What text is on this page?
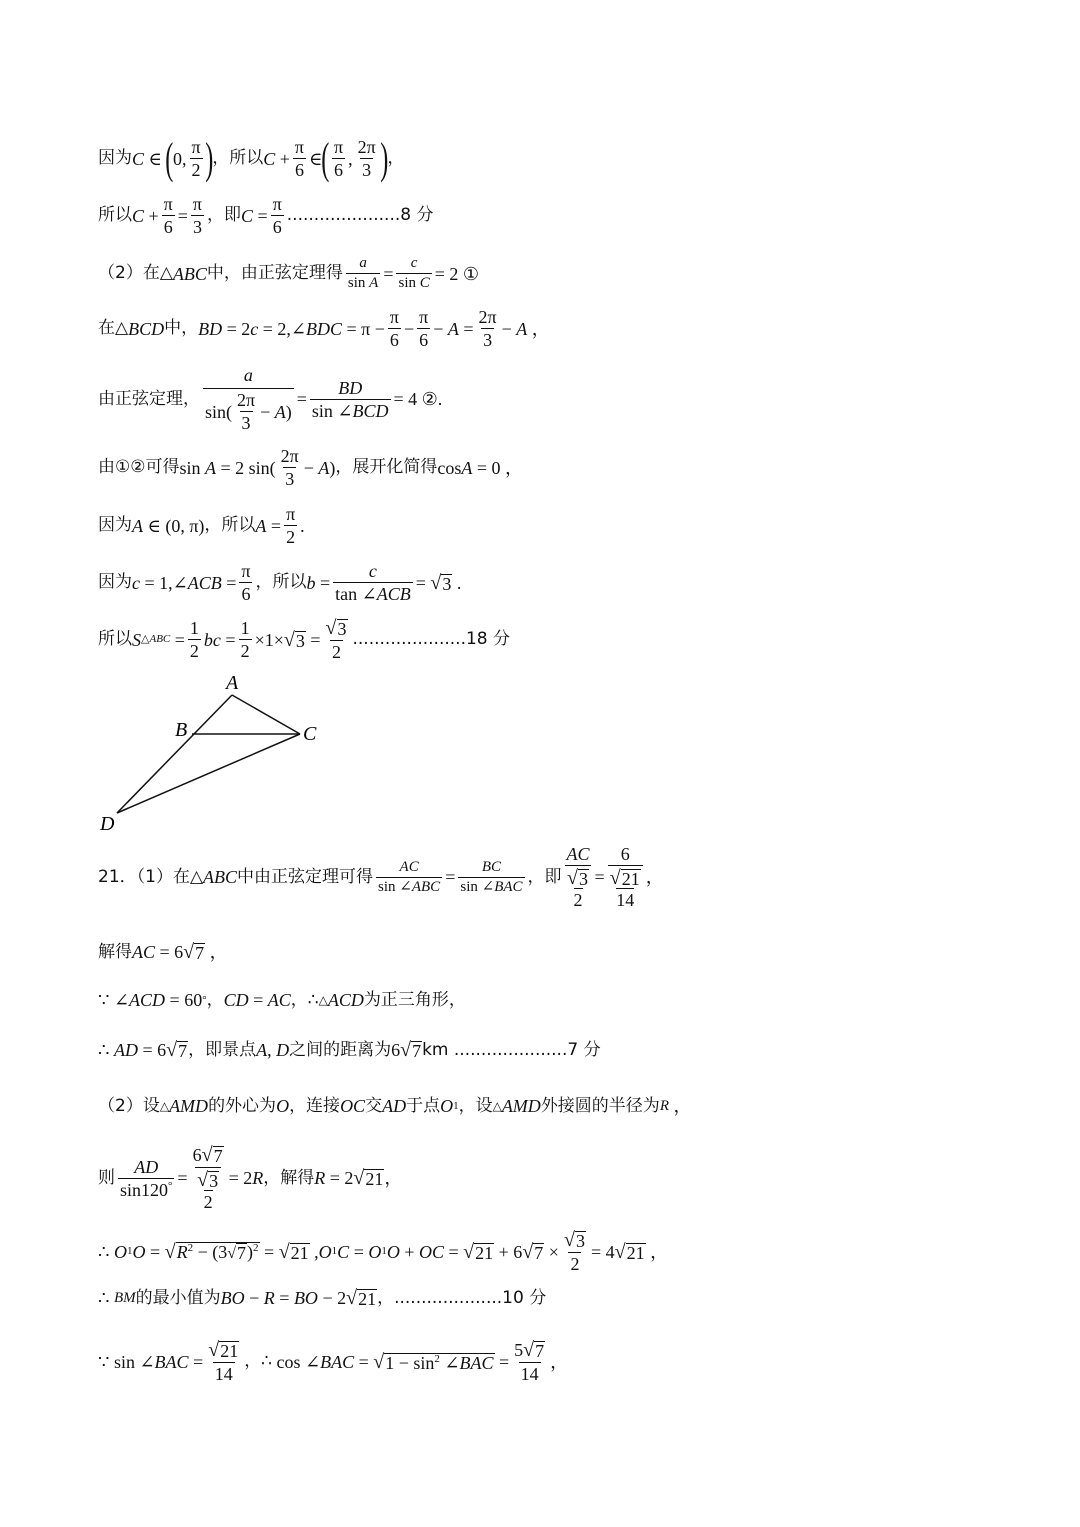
因为 C ∈ ( 0, $\frac{\pi}{2}$ ) ，所以 $C + \frac{\pi}{6}$ ∈ ( $\frac{\pi}{6}$ , $\frac{2\pi}{3}$ ) ，
所以 $C + \frac{\pi}{6} = \frac{\pi}{3}$ ，即 $C = \frac{\pi}{6} .....................8$ 分
（2）在△ ABC 中，由正弦定理得 $\frac{a}{\text{sin A}} = \frac{c}{\text{sin C}} = 2$ ①
在△ BCD 中， BD = 2 c = 2,∠ BDC = $\pi - \frac{\pi}{6} - \frac{\pi}{6} - A = \frac{2\pi}{3} - A$ ，
由正弦定理， $\frac{a}{\sin( \frac{2\pi}{3} - A )} = \frac{BD}{\text{sin ∠BCD}} = 4$ ②.
由①②可得 sin A = 2 $\sin( \frac{2\pi}{3} - A$ ) ，展开化简得 cos A = 0 ，
因为 A ∈ (0, π) ，所以 $A = \frac{\pi}{2}$ .
因为 c = 1,∠ ACB = $\frac{\pi}{6}$ ，所以 $b = \frac{c}{\text{tan ∠ACB}}$ = √ 3 .
所以 S △ABC = $\frac{1}{2}$ bc = $\frac{1}{2} \times 1\times$ √ $3 = \frac{√ 3}{2} .....................18$ 分
A
B	C
D
21．（1）在△ ABC 中由正弦定理可得 $\frac{AC}{\text{sin ∠ABC}} = \frac{BC}{\text{sin ∠BAC}}$ ，即 AC
√ 3
2 = 6
√ 21
14 ，
解得 AC = 6 √ 7 ，
∵ ∠ ACD = 60 ° ， CD = AC ，∴ △ ACD 为正三角形，
∴
AD = 6 √ 7 ，即景点 A , D 之间的距离为 6 √ 7 km .....................7 分
（2）设 △ AMD 的外心为 O ，连接 OC 交 AD 于点 O 1 ，设 △ AMD 外接圆的半径为 R ，
则 $\frac{AD}{\sin 120^\circ} = 6$ √ 7
√ 3
2 = 2 R ，解得 R = 2 √ 21 ，
∴
O 1 O = √ $R^2 - (3$ √ 7 )$^2$ = √ 21 , O 1 C = O 1 O + OC = √ 21 + 6 √ $7 \times \frac{√ 3}{2} = 4$ √ 21 ，
∴
BM 的最小值为 BO − R = BO − 2 √ 21 ，....................10 分
∵ sin ∠ BAC = $\frac{√ 21}{14}$ ，∴ cos ∠ BAC = √ $1 - \sin^2$ ∠BAC = $\frac{5 √ 7}{14}$ ，
